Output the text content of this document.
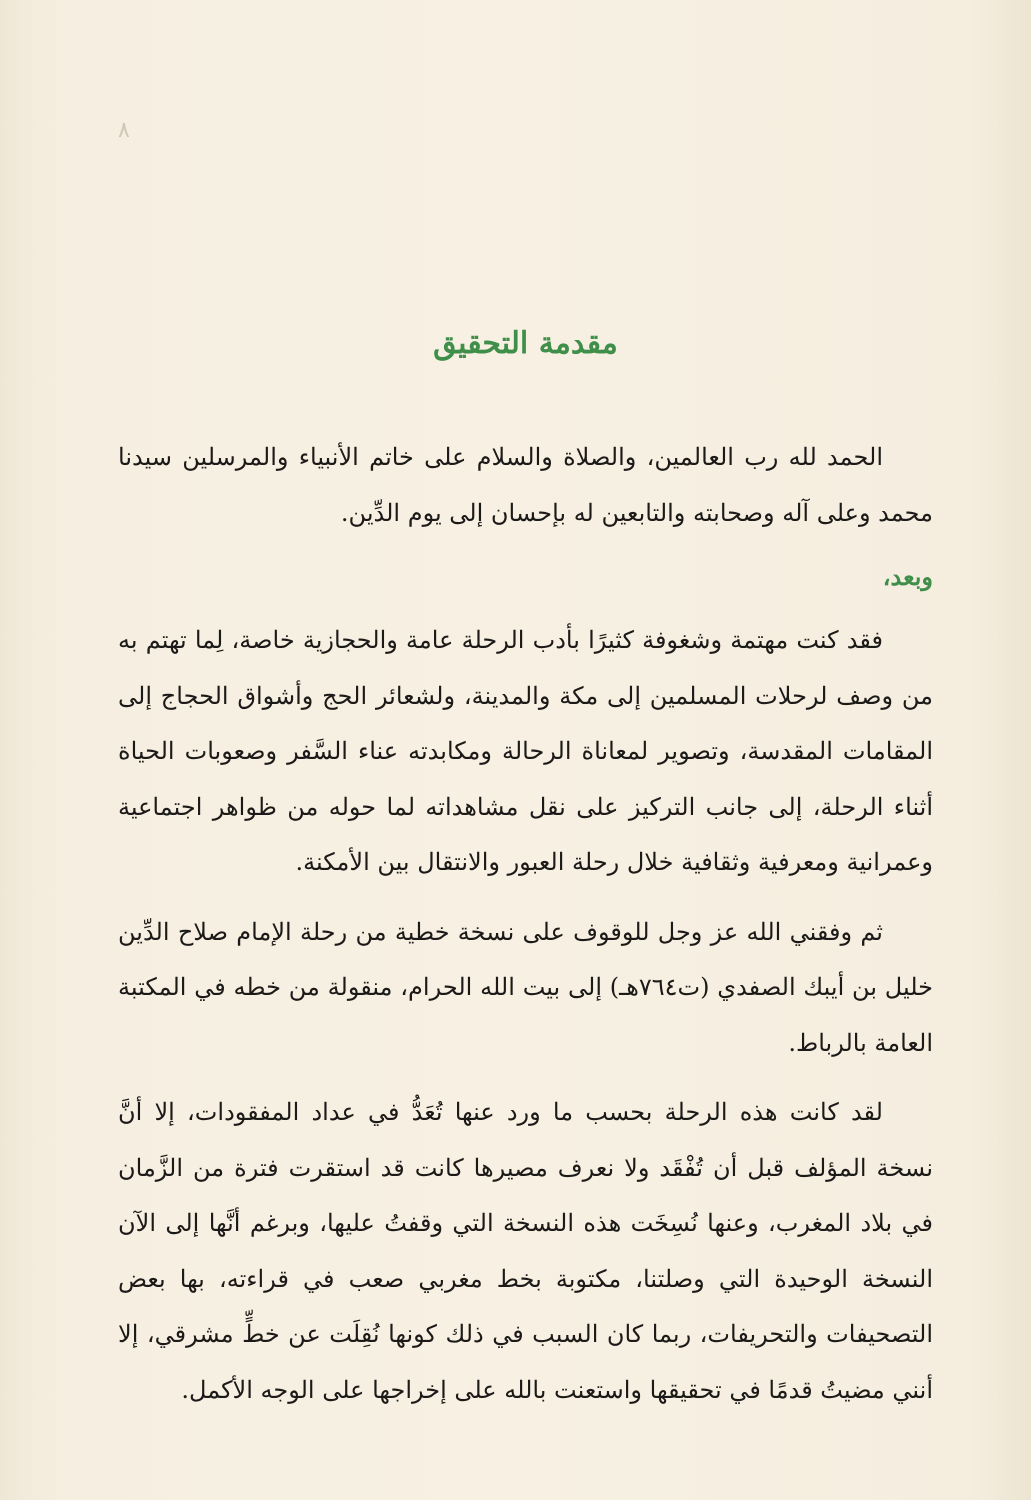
٨
مقدمة التحقيق

الحمد لله رب العالمين، والصلاة والسلام على خاتم الأنبياء والمرسلين سيدنا محمد وعلى آله وصحابته والتابعين له بإحسان إلى يوم الدِّين.

وبعد،

فقد كنت مهتمة وشغوفة كثيرًا بأدب الرحلة عامة والحجازية خاصة، لِما تهتم به من وصف لرحلات المسلمين إلى مكة والمدينة، ولشعائر الحج وأشواق الحجاج إلى المقامات المقدسة، وتصوير لمعاناة الرحالة ومكابدته عناء السَّفر وصعوبات الحياة أثناء الرحلة، إلى جانب التركيز على نقل مشاهداته لما حوله من ظواهر اجتماعية وعمرانية ومعرفية وثقافية خلال رحلة العبور والانتقال بين الأمكنة.

ثم وفقني الله عز وجل للوقوف على نسخة خطية من رحلة الإمام صلاح الدِّين خليل بن أيبك الصفدي (ت٧٦٤هـ) إلى بيت الله الحرام، منقولة من خطه في المكتبة العامة بالرباط.

لقد كانت هذه الرحلة بحسب ما ورد عنها تُعَدُّ في عداد المفقودات، إلا أنَّ نسخة المؤلف قبل أن تُفْقَد ولا نعرف مصيرها كانت قد استقرت فترة من الزَّمان في بلاد المغرب، وعنها نُسِخَت هذه النسخة التي وقفتُ عليها، وبرغم أنَّها إلى الآن النسخة الوحيدة التي وصلتنا، مكتوبة بخط مغربي صعب في قراءته، بها بعض التصحيفات والتحريفات، ربما كان السبب في ذلك كونها نُقِلَت عن خطٍّ مشرقي، إلا أنني مضيتُ قدمًا في تحقيقها واستعنت بالله على إخراجها على الوجه الأكمل.
